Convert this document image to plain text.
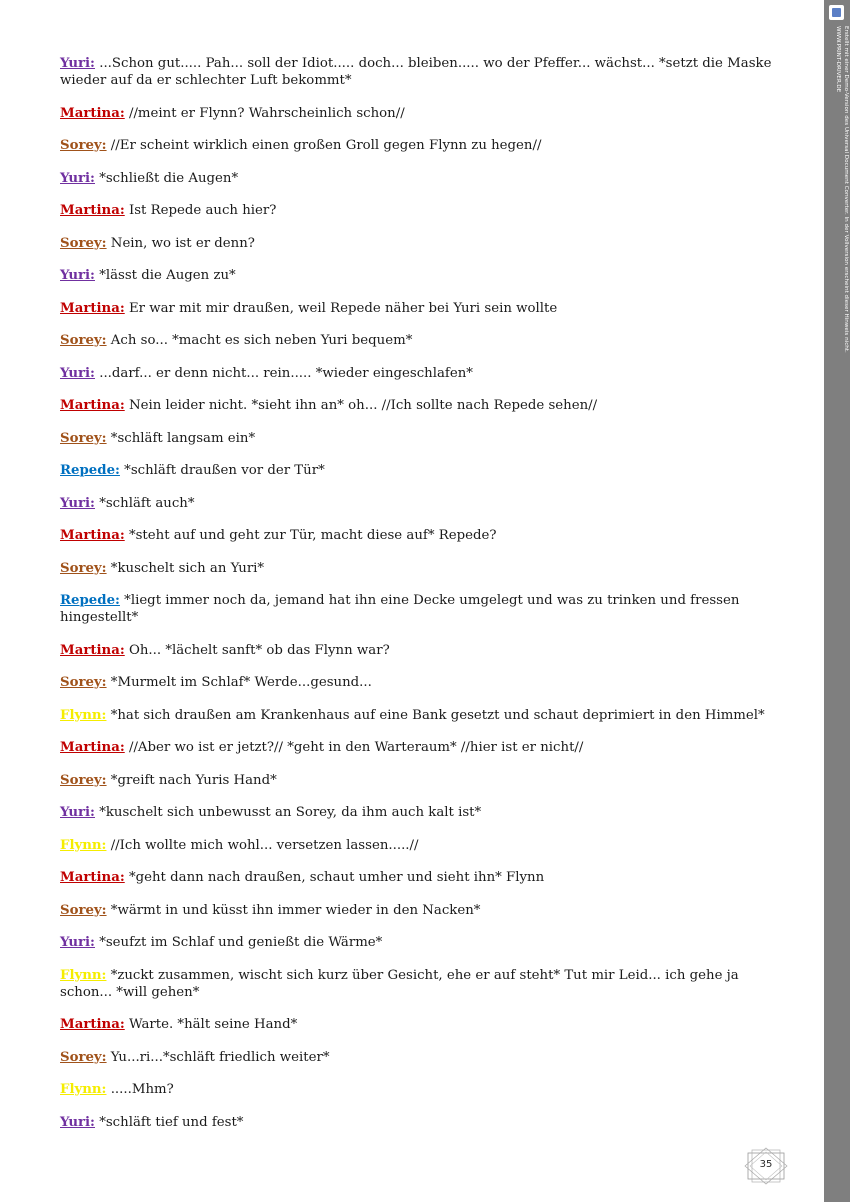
Yuri: ...Schon gut..... Pah... soll der Idiot..... doch... bleiben..... wo der Pfeffer... wächst... *setzt die Maske wieder auf da er schlechter Luft bekommt*

Martina: //meint er Flynn? Wahrscheinlich schon//

Sorey: //Er scheint wirklich einen großen Groll gegen Flynn zu hegen//

Yuri: *schließt die Augen*

Martina: Ist Repede auch hier?

Sorey: Nein, wo ist er denn?

Yuri: *lässt die Augen zu*

Martina: Er war mit mir draußen, weil Repede näher bei Yuri sein wollte

Sorey: Ach so... *macht es sich neben Yuri bequem*

Yuri: ...darf... er denn nicht... rein..... *wieder eingeschlafen*

Martina: Nein leider nicht. *sieht ihn an* oh... //Ich sollte nach Repede sehen//

Sorey: *schläft langsam ein*

Repede: *schläft draußen vor der Tür*

Yuri: *schläft auch*

Martina: *steht auf und geht zur Tür, macht diese auf* Repede?

Sorey: *kuschelt sich an Yuri*

Repede: *liegt immer noch da, jemand hat ihn eine Decke umgelegt und was zu trinken und fressen hingestellt*

Martina: Oh... *lächelt sanft* ob das Flynn war?

Sorey: *Murmelt im Schlaf* Werde...gesund...

Flynn: *hat sich draußen am Krankenhaus auf eine Bank gesetzt und schaut deprimiert in den Himmel*

Martina: //Aber wo ist er jetzt?// *geht in den Warteraum* //hier ist er nicht//

Sorey: *greift nach Yuris Hand*

Yuri: *kuschelt sich unbewusst an Sorey, da ihm auch kalt ist*

Flynn: //Ich wollte mich wohl... versetzen lassen.....//

Martina: *geht dann nach draußen, schaut umher und sieht ihn* Flynn

Sorey: *wärmt in und küsst ihn immer wieder in den Nacken*

Yuri: *seufzt im Schlaf und genießt die Wärme*

Flynn: *zuckt zusammen, wischt sich kurz über Gesicht, ehe er auf steht* Tut mir Leid... ich gehe ja schon... *will gehen*

Martina: Warte. *hält seine Hand*

Sorey: Yu...ri...*schläft friedlich weiter*

Flynn: .....Mhm?

Yuri: *schläft tief und fest*

35
Erstellt mit einer Demo-Version des Universal Document Converter. In der Vollversion erscheint dieser Hinweis nicht.
WWW.PRINT-DRIVER.DE
